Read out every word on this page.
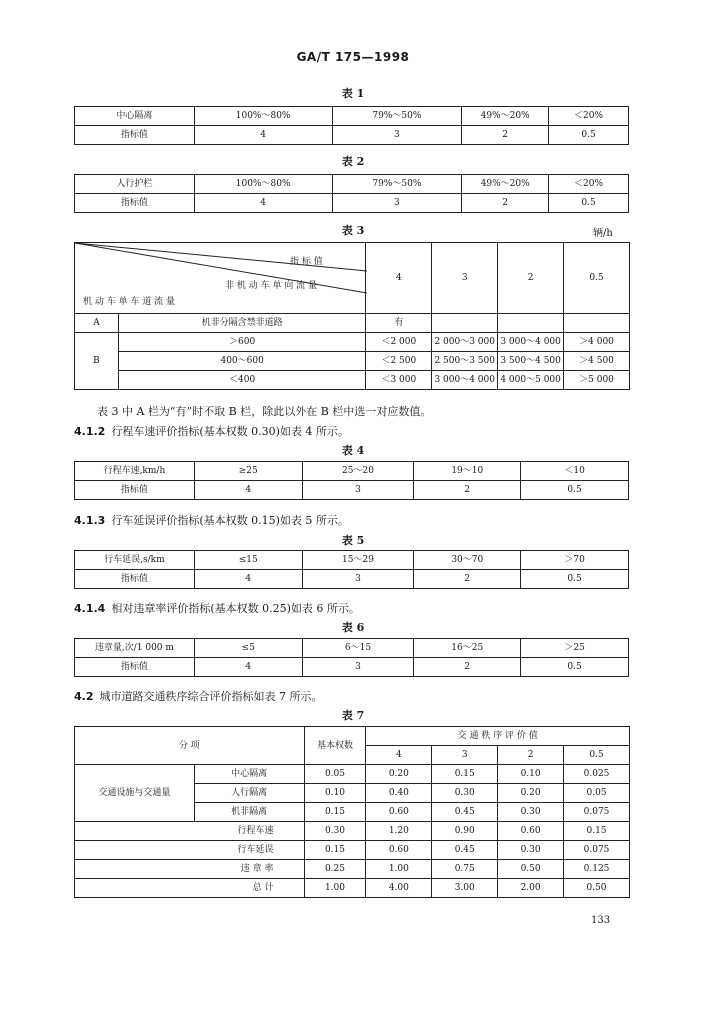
GA/T 175—1998
表 1
中心隔离	100%～80%	79%～50%	49%～20%	＜20%
指标值	4	3	2	0.5
表 2
人行护栏	100%～80%	79%～50%	49%～20%	＜20%
指标值	4	3	2	0.5
表 3	辆/h
指 标 值
非 机 动 车 单 向 流 量
机 动 车 单 车 道 流 量		4	3	2	0.5
A	机非分隔含禁非道路	有			
B	＞600	＜2 000	2 000～3 000	3 000～4 000	＞4 000
	400～600	＜2 500	2 500～3 500	3 500～4 500	＞4 500
	＜400	＜3 000	3 000～4 000	4 000～5 000	＞5 000
表 3 中 A 栏为“有”时不取 B 栏，除此以外在 B 栏中选一对应数值。
4.1.2 行程车速评价指标(基本权数 0.30)如表 4 所示。
表 4
行程车速,km/h	≥25	25～20	19～10	＜10
指标值	4	3	2	0.5
4.1.3 行车延误评价指标(基本权数 0.15)如表 5 所示。
表 5
行车延误,s/km	≤15	15～29	30～70	＞70
指标值	4	3	2	0.5
4.1.4 相对违章率评价指标(基本权数 0.25)如表 6 所示。
表 6
违章量,次/1 000 m	≤5	6～15	16～25	＞25
指标值	4	3	2	0.5
4.2 城市道路交通秩序综合评价指标如表 7 所示。
表 7
分 项		基本权数	交 通 秩 序 评 价 值			
			4	3	2	0.5
交通设施与交通量	中心隔离	0.05	0.20	0.15	0.10	0.025
	人行隔离	0.10	0.40	0.30	0.20	0.05
	机非隔离	0.15	0.60	0.45	0.30	0.075
行程车速		0.30	1.20	0.90	0.60	0.15
行车延误		0.15	0.60	0.45	0.30	0.075
违 章 率		0.25	1.00	0.75	0.50	0.125
总 计		1.00	4.00	3.00	2.00	0.50
133
